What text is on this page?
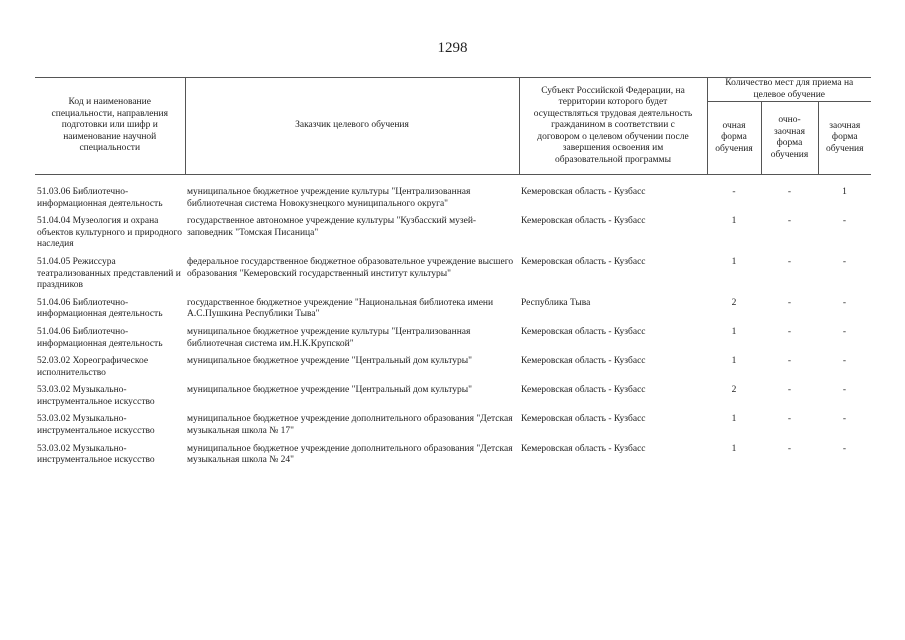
1298
Код и наименование специальности, направления подготовки или шифр и наименование научной специальности	Заказчик целевого обучения	Субъект Российской Федерации, на территории которого будет осуществляться трудовая деятельность гражданином в соответствии с договором о целевом обучении после завершения освоения им образовательной программы	Количество мест для приема на целевое обучение		
			очная форма обучения	очно-заочная форма обучения	заочная форма обучения
51.03.06 Библиотечно-информационная деятельность	муниципальное бюджетное учреждение культуры "Централизованная библиотечная система Новокузнецкого муниципального округа"	Кемеровская область - Кузбасс	-	-	1
51.04.04 Музеология и охрана объектов культурного и природного наследия	государственное автономное учреждение культуры "Кузбасский музей-заповедник "Томская Писаница"	Кемеровская область - Кузбасс	1	-	-
51.04.05 Режиссура театрализованных представлений и праздников	федеральное государственное бюджетное образовательное учреждение высшего образования "Кемеровский государственный институт культуры"	Кемеровская область - Кузбасс	1	-	-
51.04.06 Библиотечно-информационная деятельность	государственное бюджетное учреждение "Национальная библиотека имени А.С.Пушкина Республики Тыва"	Республика Тыва	2	-	-
51.04.06 Библиотечно-информационная деятельность	муниципальное бюджетное учреждение культуры "Централизованная библиотечная система им.Н.К.Крупской"	Кемеровская область - Кузбасс	1	-	-
52.03.02 Хореографическое исполнительство	муниципальное бюджетное учреждение "Центральный дом культуры"	Кемеровская область - Кузбасс	1	-	-
53.03.02 Музыкально-инструментальное искусство	муниципальное бюджетное учреждение "Центральный дом культуры"	Кемеровская область - Кузбасс	2	-	-
53.03.02 Музыкально-инструментальное искусство	муниципальное бюджетное учреждение дополнительного образования "Детская музыкальная школа № 17"	Кемеровская область - Кузбасс	1	-	-
53.03.02 Музыкально-инструментальное искусство	муниципальное бюджетное учреждение дополнительного образования "Детская музыкальная школа № 24"	Кемеровская область - Кузбасс	1	-	-
